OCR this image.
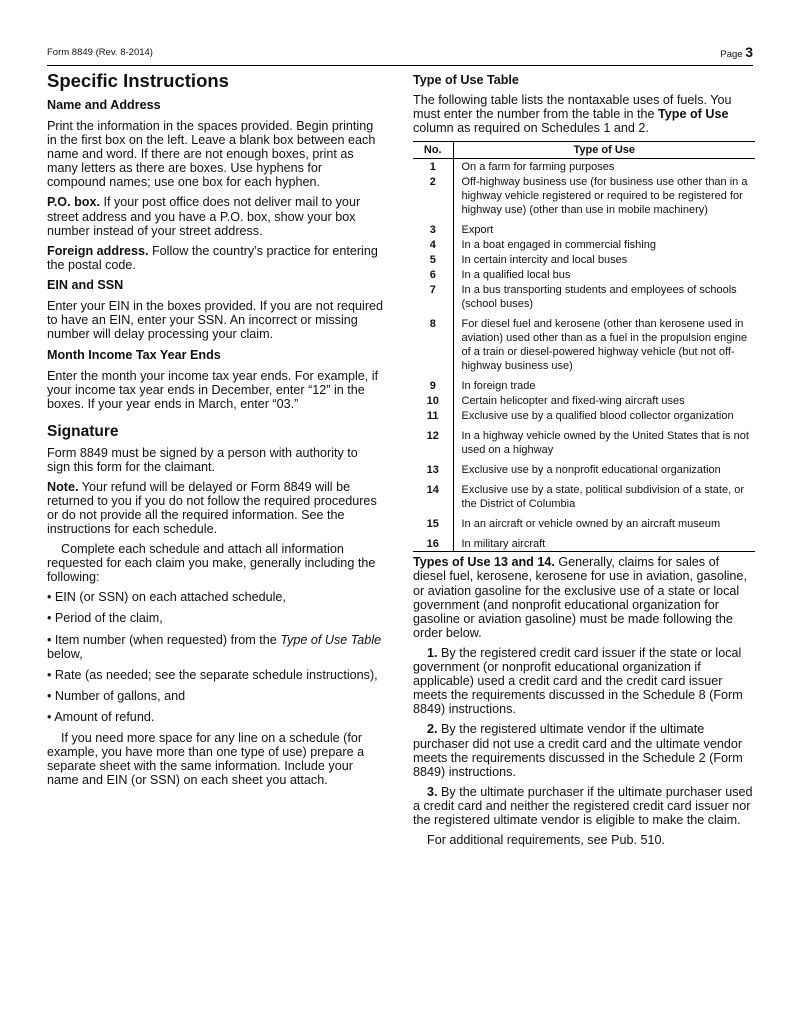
Form 8849 (Rev. 8-2014)	Page 3
Specific Instructions
Name and Address

Print the information in the spaces provided. Begin printing in the first box on the left. Leave a blank box between each name and word. If there are not enough boxes, print as many letters as there are boxes. Use hyphens for compound names; use one box for each hyphen.

P.O. box. If your post office does not deliver mail to your street address and you have a P.O. box, show your box number instead of your street address.

Foreign address. Follow the country’s practice for entering the postal code.

EIN and SSN

Enter your EIN in the boxes provided. If you are not required to have an EIN, enter your SSN. An incorrect or missing number will delay processing your claim.

Month Income Tax Year Ends

Enter the month your income tax year ends. For example, if your income tax year ends in December, enter “12” in the boxes. If your year ends in March, enter “03.”

Signature

Form 8849 must be signed by a person with authority to sign this form for the claimant.

Note. Your refund will be delayed or Form 8849 will be returned to you if you do not follow the required procedures or do not provide all the required information. See the instructions for each schedule.

Complete each schedule and attach all information requested for each claim you make, generally including the following:

• EIN (or SSN) on each attached schedule,

• Period of the claim,

• Item number (when requested) from the Type of Use Table below,

• Rate (as needed; see the separate schedule instructions),

• Number of gallons, and

• Amount of refund.

If you need more space for any line on a schedule (for example, you have more than one type of use) prepare a separate sheet with the same information. Include your name and EIN (or SSN) on each sheet you attach.

Type of Use Table

The following table lists the nontaxable uses of fuels. You must enter the number from the table in the Type of Use column as required on Schedules 1 and 2.

No.	Type of Use
1	On a farm for farming purposes
2	Off-highway business use (for business use other than in a highway vehicle registered or required to be registered for highway use) (other than use in mobile machinery)
3	Export
4	In a boat engaged in commercial fishing
5	In certain intercity and local buses
6	In a qualified local bus
7	In a bus transporting students and employees of schools (school buses)
8	For diesel fuel and kerosene (other than kerosene used in aviation) used other than as a fuel in the propulsion engine of a train or diesel-powered highway vehicle (but not off-highway business use)
9	In foreign trade
10	Certain helicopter and fixed-wing aircraft uses
11	Exclusive use by a qualified blood collector organization
12	In a highway vehicle owned by the United States that is not used on a highway
13	Exclusive use by a nonprofit educational organization
14	Exclusive use by a state, political subdivision of a state, or the District of Columbia
15	In an aircraft or vehicle owned by an aircraft museum
16	In military aircraft

Types of Use 13 and 14. Generally, claims for sales of diesel fuel, kerosene, kerosene for use in aviation, gasoline, or aviation gasoline for the exclusive use of a state or local government (and nonprofit educational organization for gasoline or aviation gasoline) must be made following the order below.

1. By the registered credit card issuer if the state or local government (or nonprofit educational organization if applicable) used a credit card and the credit card issuer meets the requirements discussed in the Schedule 8 (Form 8849) instructions.

2. By the registered ultimate vendor if the ultimate purchaser did not use a credit card and the ultimate vendor meets the requirements discussed in the Schedule 2 (Form 8849) instructions.

3. By the ultimate purchaser if the ultimate purchaser used a credit card and neither the registered credit card issuer nor the registered ultimate vendor is eligible to make the claim.

For additional requirements, see Pub. 510.
